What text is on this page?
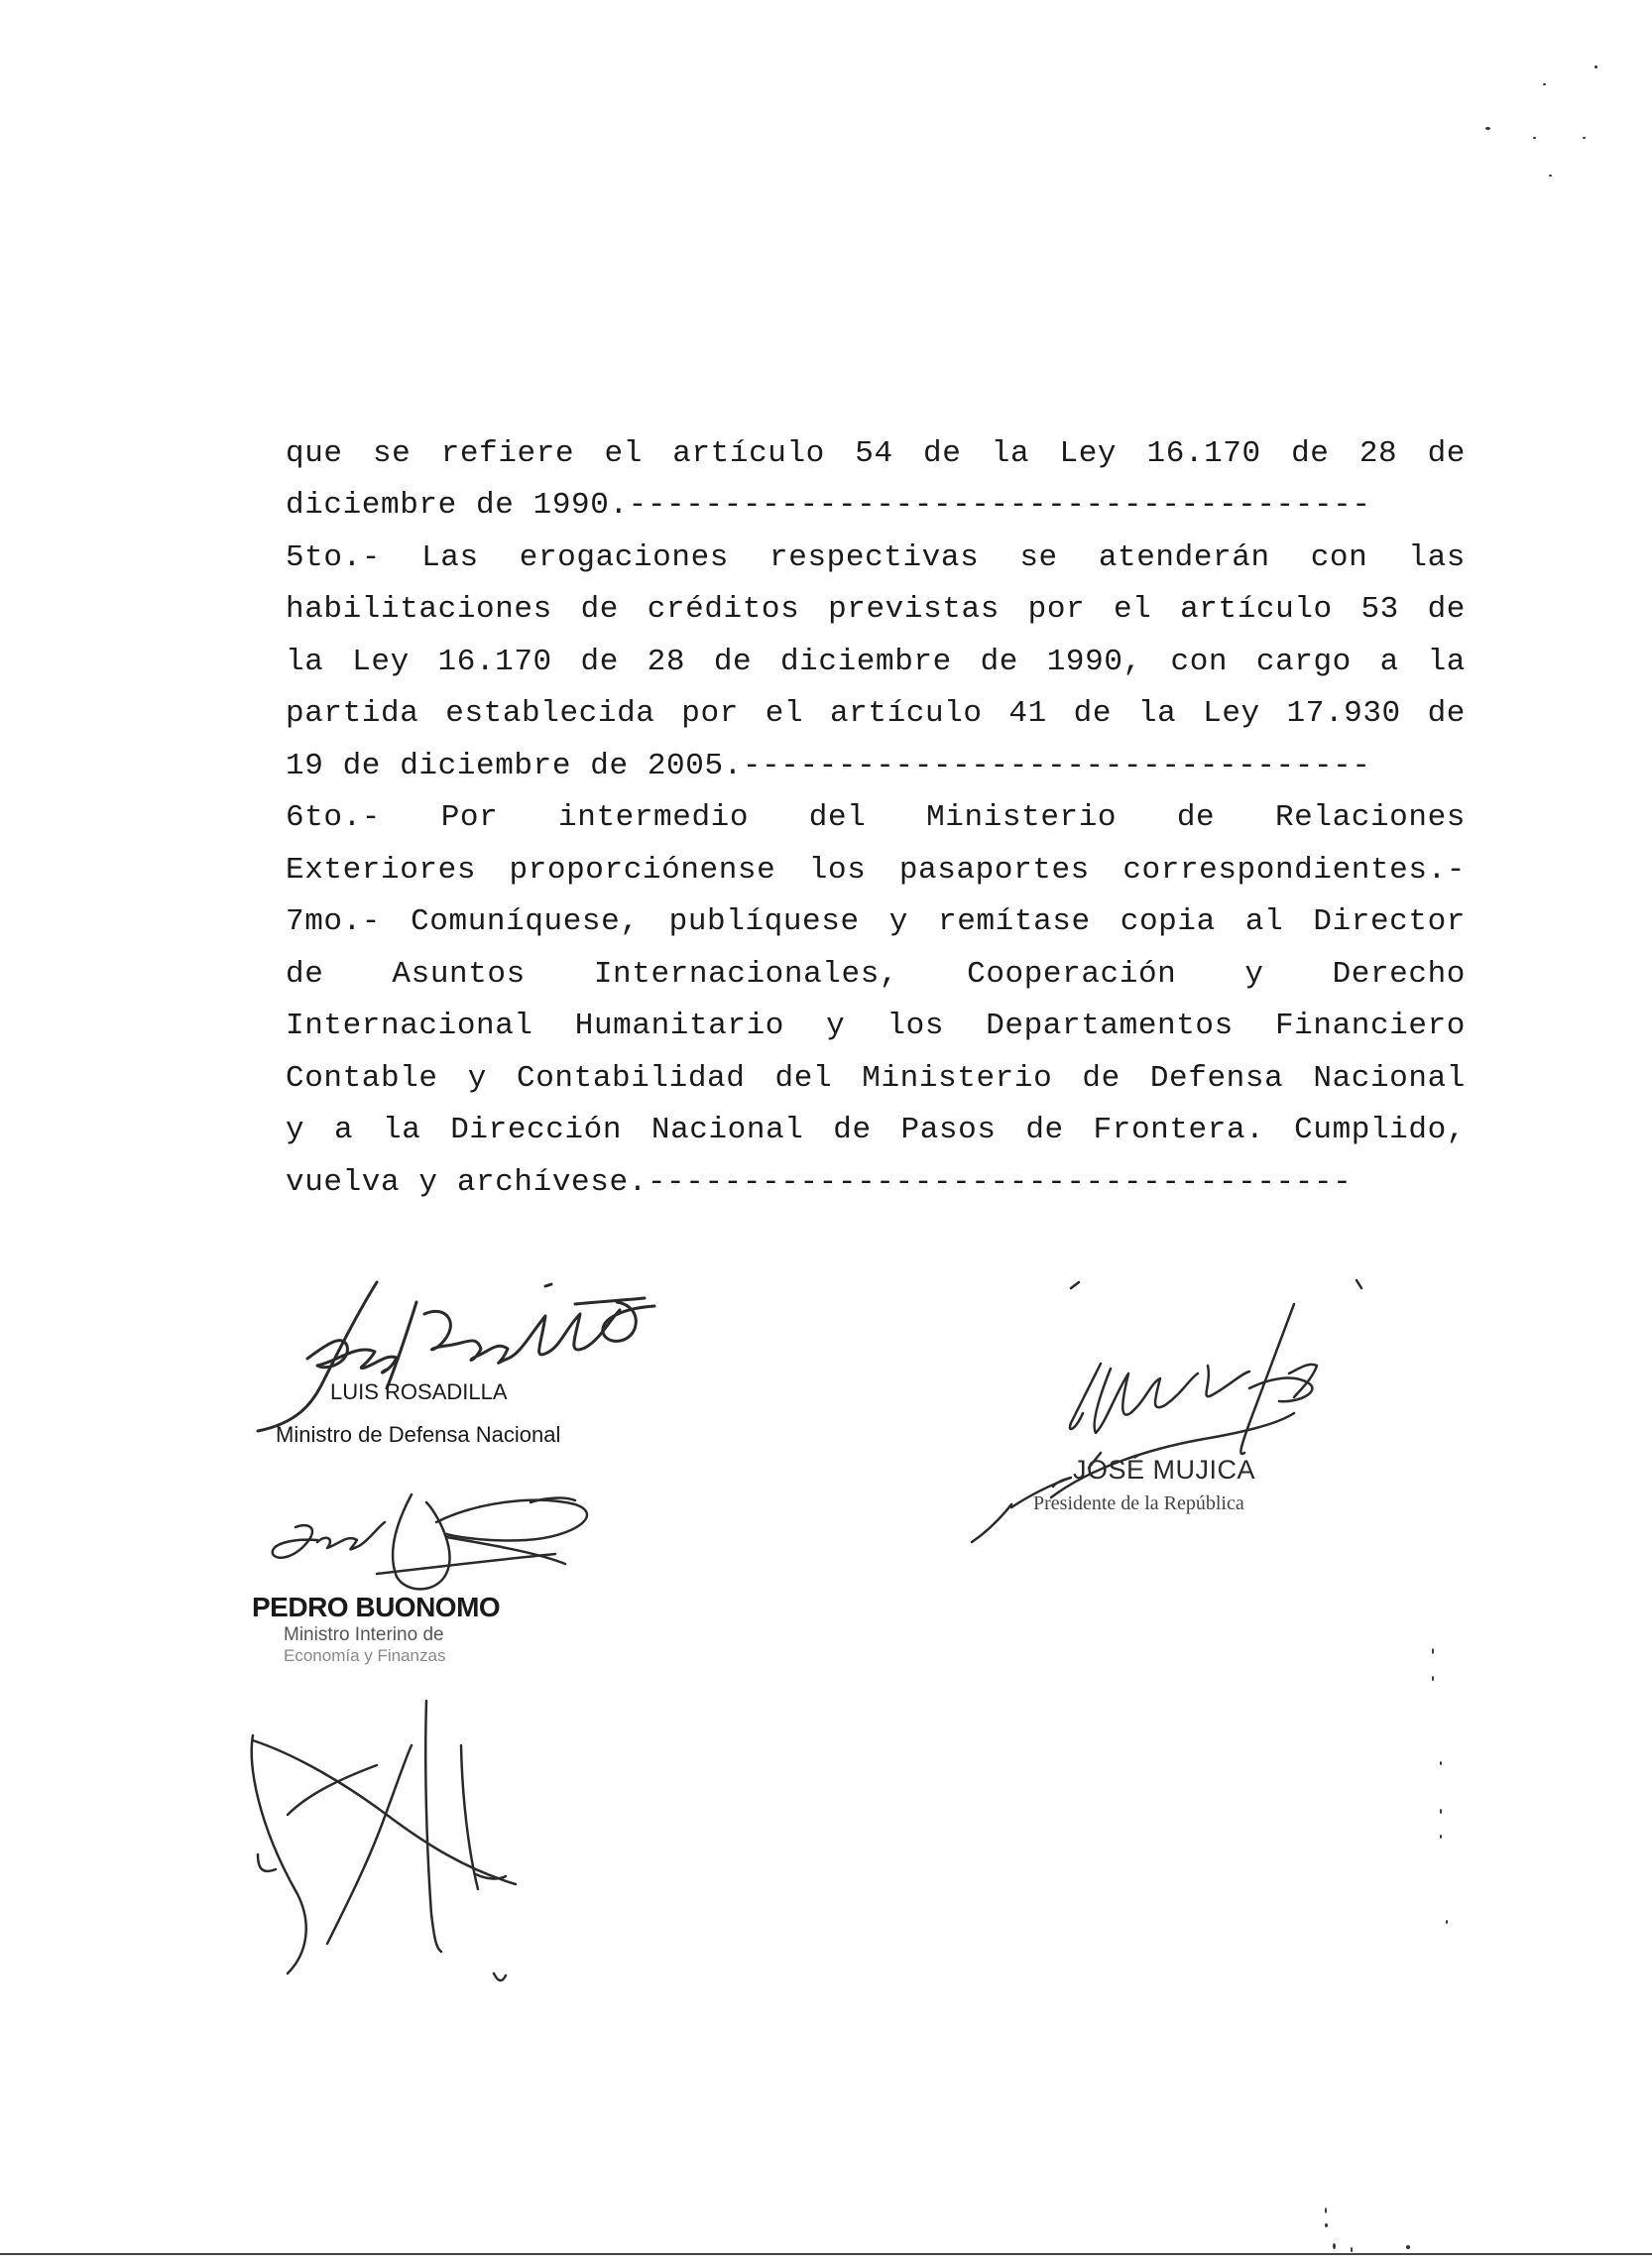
que se refiere el artículo 54 de la Ley 16.170 de 28 de
diciembre de 1990.---------------------------------------
5to.- Las erogaciones respectivas se atenderán con las
habilitaciones de créditos previstas por el artículo 53 de
la Ley 16.170 de 28 de diciembre de 1990, con cargo a la
partida establecida por el artículo 41 de la Ley 17.930 de
19 de diciembre de 2005.---------------------------------
6to.- Por intermedio del Ministerio de Relaciones
Exteriores proporciónense los pasaportes correspondientes.-
7mo.- Comuníquese, publíquese y remítase copia al Director
de Asuntos Internacionales, Cooperación y Derecho
Internacional Humanitario y los Departamentos Financiero
Contable y Contabilidad del Ministerio de Defensa Nacional
y a la Dirección Nacional de Pasos de Frontera. Cumplido,
vuelva y archívese.-------------------------------------
LUIS ROSADILLA
Ministro de Defensa Nacional
JOSÉ MUJICA
Presidente de la República
PEDRO BUONOMO
Ministro Interino de
Economía y Finanzas
